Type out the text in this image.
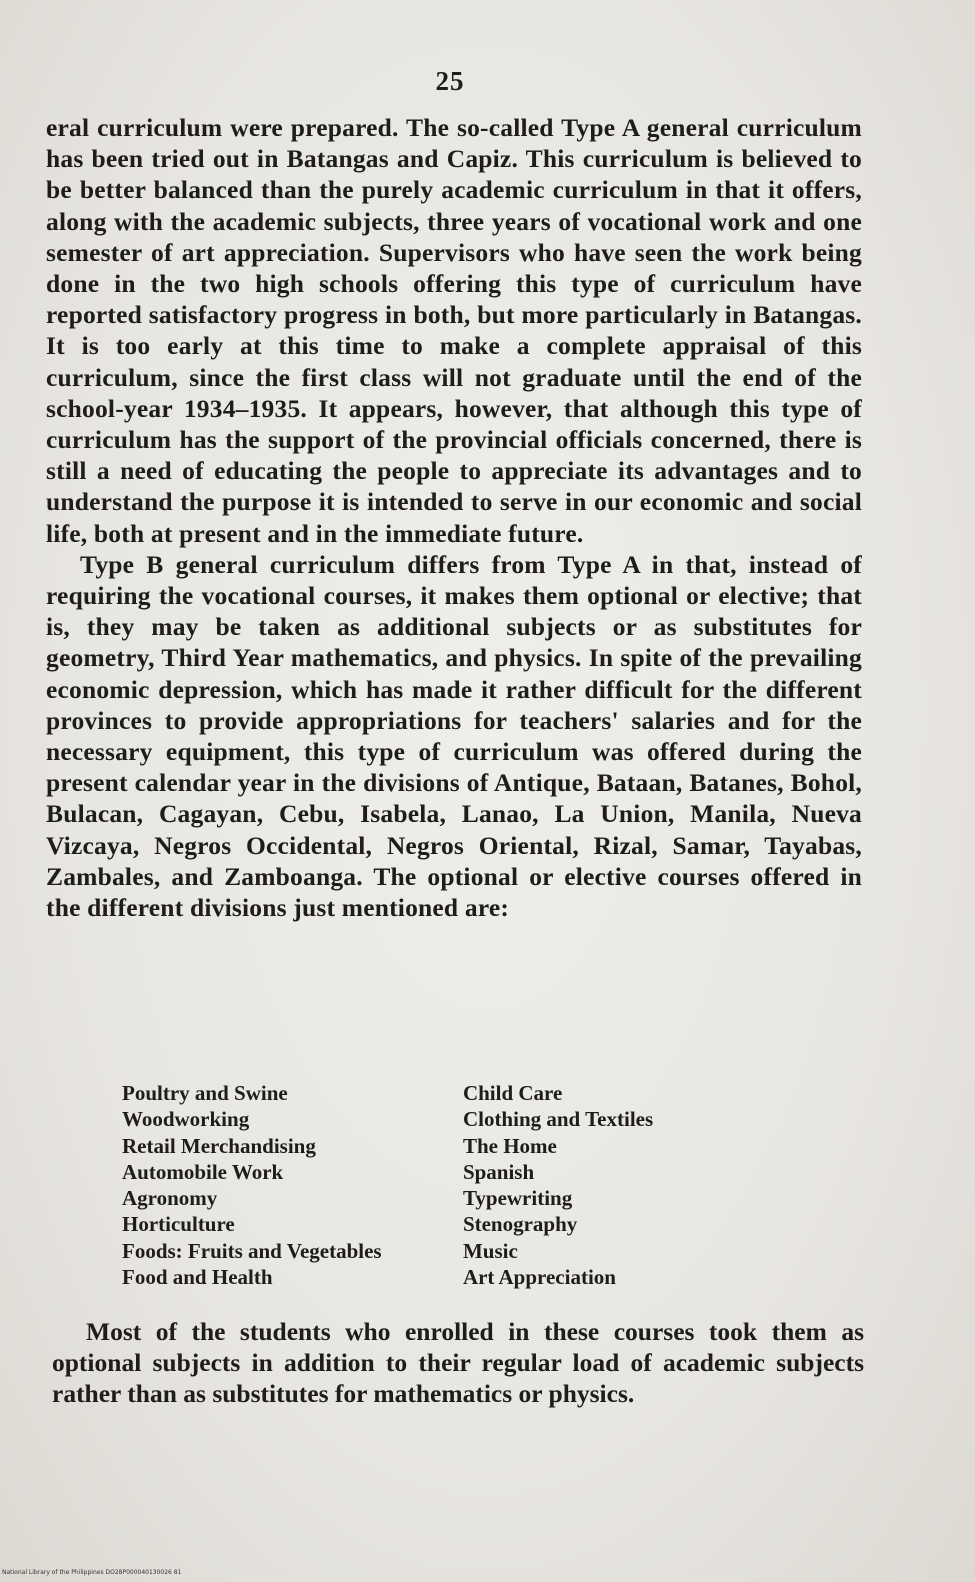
25

eral curriculum were prepared. The so-called Type A general curriculum has been tried out in Batangas and Capiz. This curriculum is believed to be better balanced than the purely academic curriculum in that it offers, along with the academic subjects, three years of vocational work and one semester of art appreciation. Supervisors who have seen the work being done in the two high schools offering this type of curriculum have reported satisfactory progress in both, but more particularly in Batangas. It is too early at this time to make a complete appraisal of this curriculum, since the first class will not graduate until the end of the school-year 1934–1935. It appears, however, that although this type of curriculum has the support of the provincial officials concerned, there is still a need of educating the people to appreciate its advantages and to understand the purpose it is intended to serve in our economic and social life, both at present and in the immediate future.

Type B general curriculum differs from Type A in that, instead of requiring the vocational courses, it makes them optional or elective; that is, they may be taken as additional subjects or as substitutes for geometry, Third Year mathematics, and physics. In spite of the prevailing economic depression, which has made it rather difficult for the different provinces to provide appropriations for teachers' salaries and for the necessary equipment, this type of curriculum was offered during the present calendar year in the divisions of Antique, Bataan, Batanes, Bohol, Bulacan, Cagayan, Cebu, Isabela, Lanao, La Union, Manila, Nueva Vizcaya, Negros Occidental, Negros Oriental, Rizal, Samar, Tayabas, Zambales, and Zamboanga. The optional or elective courses offered in the different divisions just mentioned are:

Poultry and Swine
Woodworking
Retail Merchandising
Automobile Work
Agronomy
Horticulture
Foods: Fruits and Vegetables
Food and Health
Child Care
Clothing and Textiles
The Home
Spanish
Typewriting
Stenography
Music
Art Appreciation

Most of the students who enrolled in these courses took them as optional subjects in addition to their regular load of academic subjects rather than as substitutes for mathematics or physics.

National Library of the Philippines DO28P000040130026 81
